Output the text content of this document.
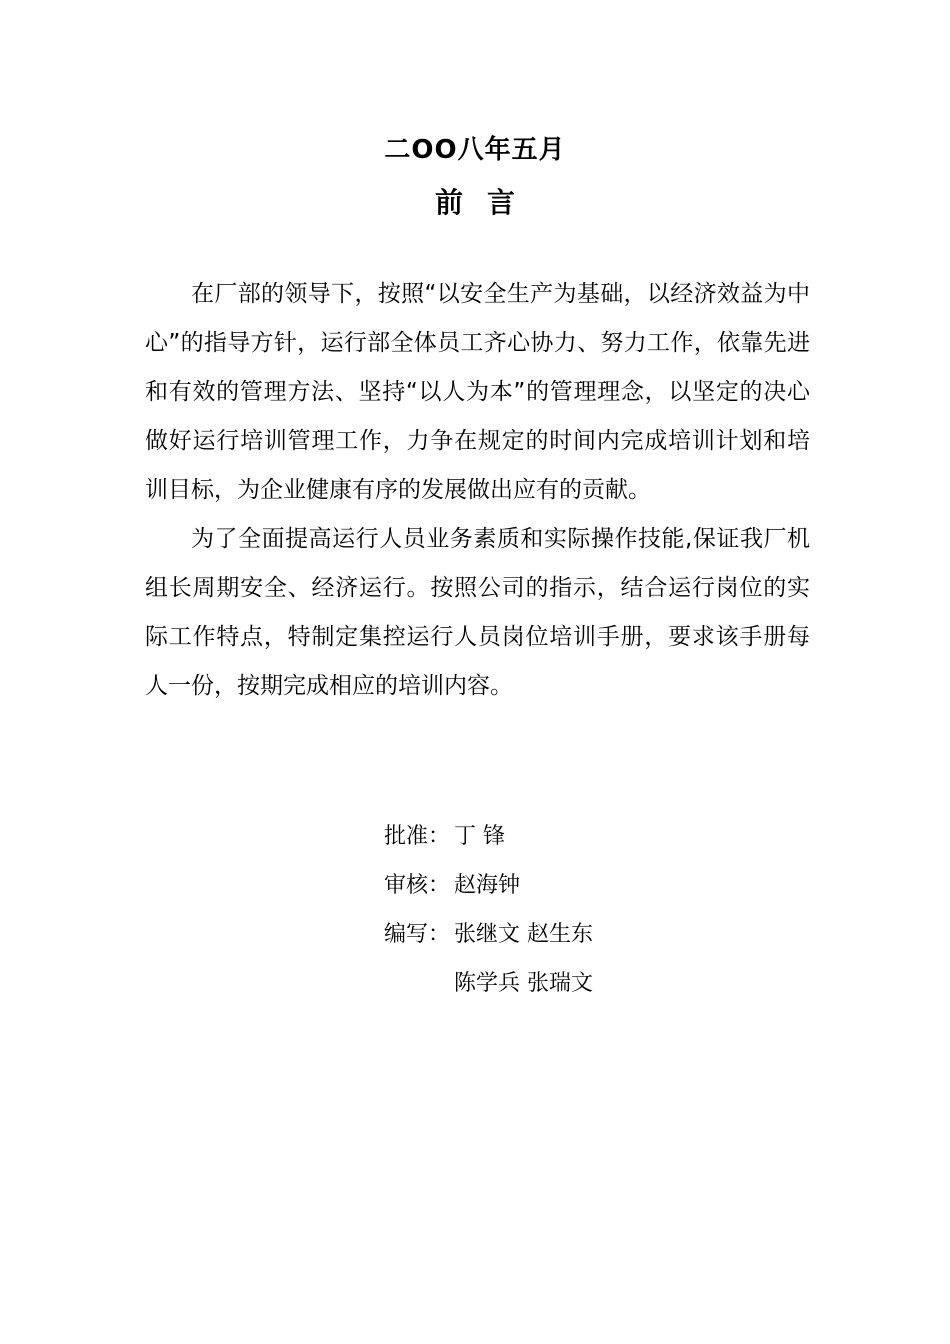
二OO八年五月
前言

在厂部的领导下，按照“以安全生产为基础，以经济效益为中心”的指导方针，运行部全体员工齐心协力、努力工作，依靠先进和有效的管理方法、坚持“以人为本”的管理理念，以坚定的决心做好运行培训管理工作，力争在规定的时间内完成培训计划和培训目标，为企业健康有序的发展做出应有的贡献。

为了全面提高运行人员业务素质和实际操作技能,保证我厂机组长周期安全、经济运行。按照公司的指示，结合运行岗位的实际工作特点，特制定集控运行人员岗位培训手册，要求该手册每人一份，按期完成相应的培训内容。

批准： 丁 锋
审核： 赵海钟
编写： 张继文 赵生东
陈学兵 张瑞文
